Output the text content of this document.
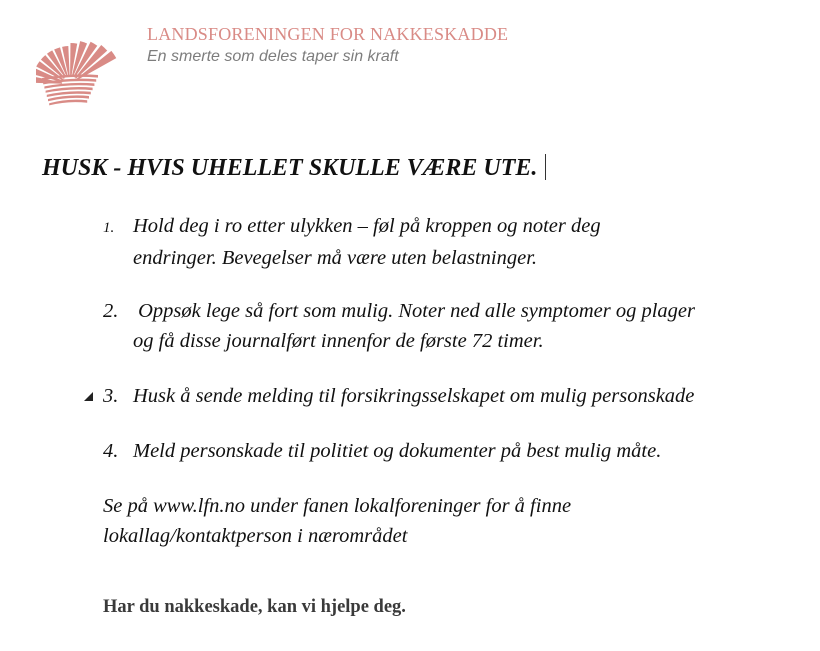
LANDSFORENINGEN FOR NAKKESKADDE
En smerte som deles taper sin kraft
HUSK - HVIS UHELLET SKULLE VÆRE UTE.
1. Hold deg i ro etter ulykken – føl på kroppen og noter deg
endringer. Bevegelser må være uten belastninger.
2. Oppsøk lege så fort som mulig. Noter ned alle symptomer og plager
og få disse journalført innenfor de første 72 timer.
3. Husk å sende melding til forsikringsselskapet om mulig personskade
4. Meld personskade til politiet og dokumenter på best mulig måte.
Se på www.lfn.no under fanen lokalforeninger for å finne
lokallag/kontaktperson i nærområdet
Har du nakkeskade, kan vi hjelpe deg.
